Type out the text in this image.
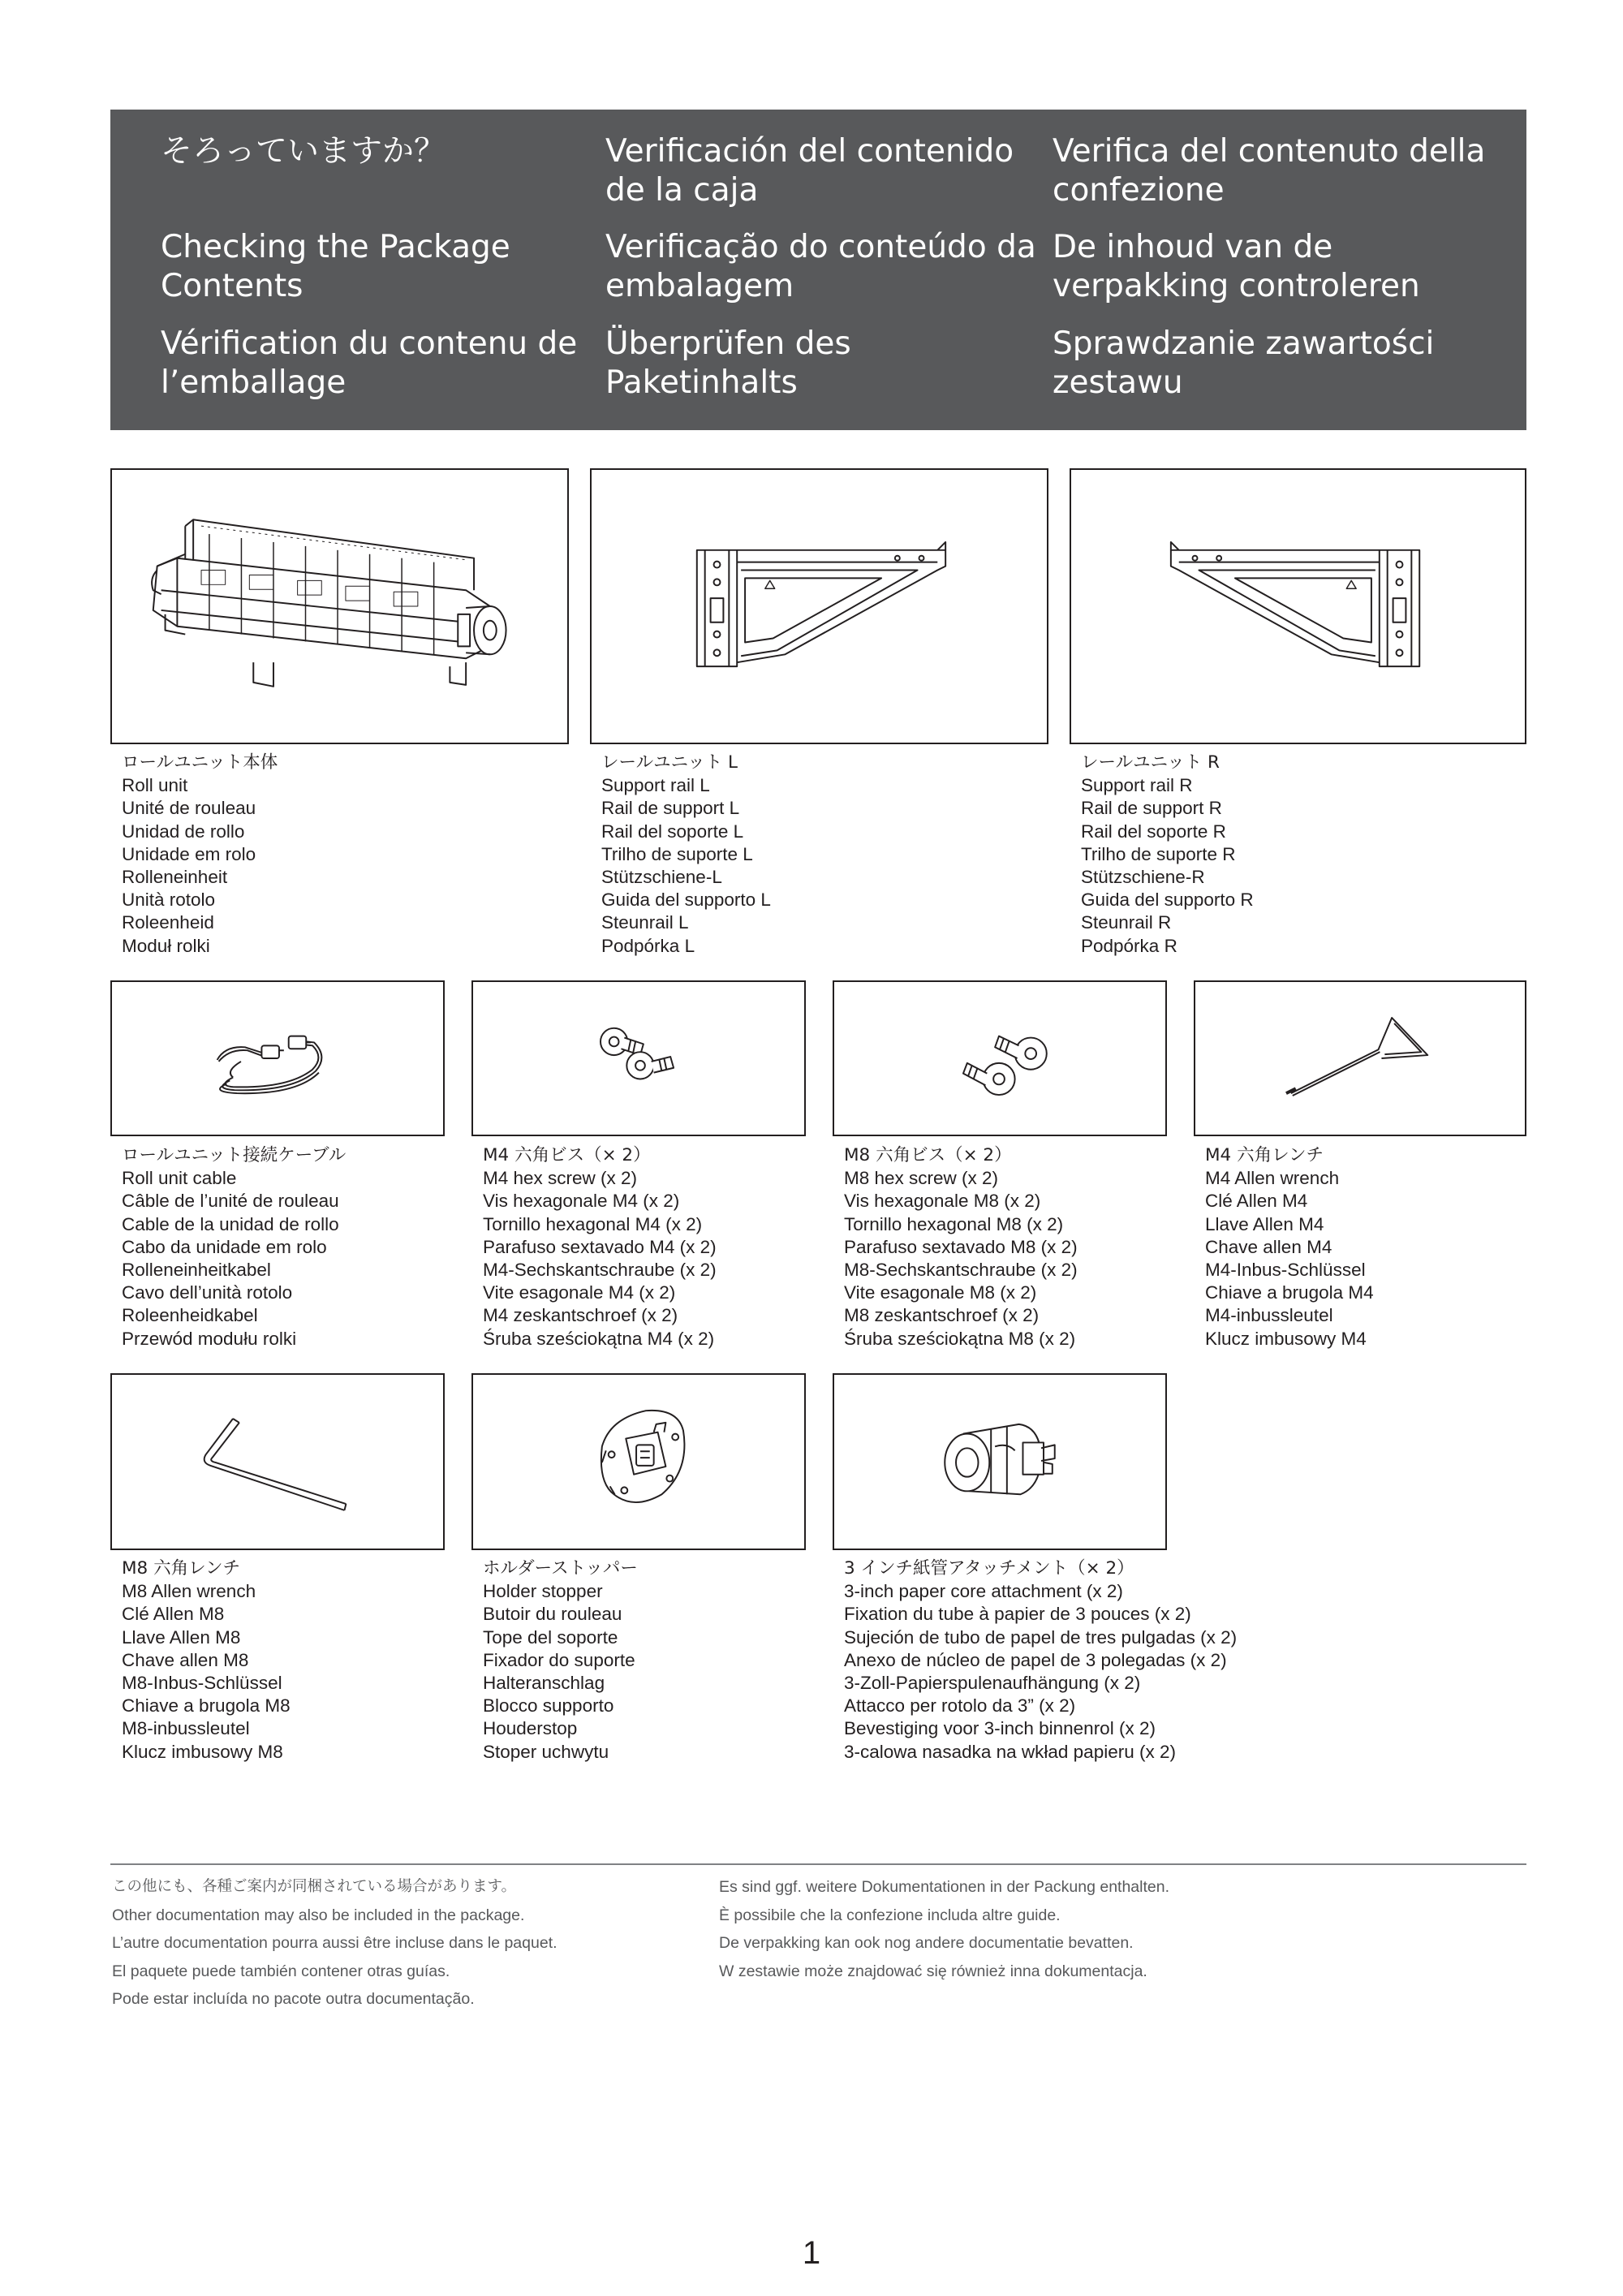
そろっていますか？
Checking the Package Contents
Vérification du contenu de l’emballage
Verificación del contenido de la caja
Verificação do conteúdo da embalagem
Überprüfen des Paketinhalts
Verifica del contenuto della confezione
De inhoud van de verpakking controleren
Sprawdzanie zawartości zestawu
ロールユニット本体
Roll unit
Unité de rouleau
Unidad de rollo
Unidade em rolo
Rolleneinheit
Unità rotolo
Roleenheid
Moduł rolki
レールユニット L
Support rail L
Rail de support L
Rail del soporte L
Trilho de suporte L
Stützschiene-L
Guida del supporto L
Steunrail L
Podpórka L
レールユニット R
Support rail R
Rail de support R
Rail del soporte R
Trilho de suporte R
Stützschiene-R
Guida del supporto R
Steunrail R
Podpórka R
ロールユニット接続ケーブル
Roll unit cable
Câble de l’unité de rouleau
Cable de la unidad de rollo
Cabo da unidade em rolo
Rolleneinheitkabel
Cavo dell’unità rotolo
Roleenheidkabel
Przewód modułu rolki
M4 六角ビス（× 2）
M4 hex screw (x 2)
Vis hexagonale M4 (x 2)
Tornillo hexagonal M4 (x 2)
Parafuso sextavado M4 (x 2)
M4-Sechskantschraube (x 2)
Vite esagonale M4 (x 2)
M4 zeskantschroef (x 2)
Śruba sześciokątna M4 (x 2)
M8 六角ビス（× 2）
M8 hex screw (x 2)
Vis hexagonale M8 (x 2)
Tornillo hexagonal M8 (x 2)
Parafuso sextavado M8 (x 2)
M8-Sechskantschraube (x 2)
Vite esagonale M8 (x 2)
M8 zeskantschroef (x 2)
Śruba sześciokątna M8 (x 2)
M4 六角レンチ
M4 Allen wrench
Clé Allen M4
Llave Allen M4
Chave allen M4
M4-Inbus-Schlüssel
Chiave a brugola M4
M4-inbussleutel
Klucz imbusowy M4
M8 六角レンチ
M8 Allen wrench
Clé Allen M8
Llave Allen M8
Chave allen M8
M8-Inbus-Schlüssel
Chiave a brugola M8
M8-inbussleutel
Klucz imbusowy M8
ホルダーストッパー
Holder stopper
Butoir du rouleau
Tope del soporte
Fixador do suporte
Halteranschlag
Blocco supporto
Houderstop
Stoper uchwytu
3 インチ紙管アタッチメント（× 2）
3-inch paper core attachment (x 2)
Fixation du tube à papier de 3 pouces (x 2)
Sujeción de tubo de papel de tres pulgadas (x 2)
Anexo de núcleo de papel de 3 polegadas (x 2)
3-Zoll-Papierspulenaufhängung (x 2)
Attacco per rotolo da 3” (x 2)
Bevestiging voor 3-inch binnenrol (x 2)
3-calowa nasadka na wkład papieru (x 2)
この他にも、各種ご案内が同梱されている場合があります。
Other documentation may also be included in the package.
L’autre documentation pourra aussi être incluse dans le paquet.
El paquete puede también contener otras guías.
Pode estar incluída no pacote outra documentação.
Es sind ggf. weitere Dokumentationen in der Packung enthalten.
È possibile che la confezione includa altre guide.
De verpakking kan ook nog andere documentatie bevatten.
W zestawie może znajdować się również inna dokumentacja.
1
